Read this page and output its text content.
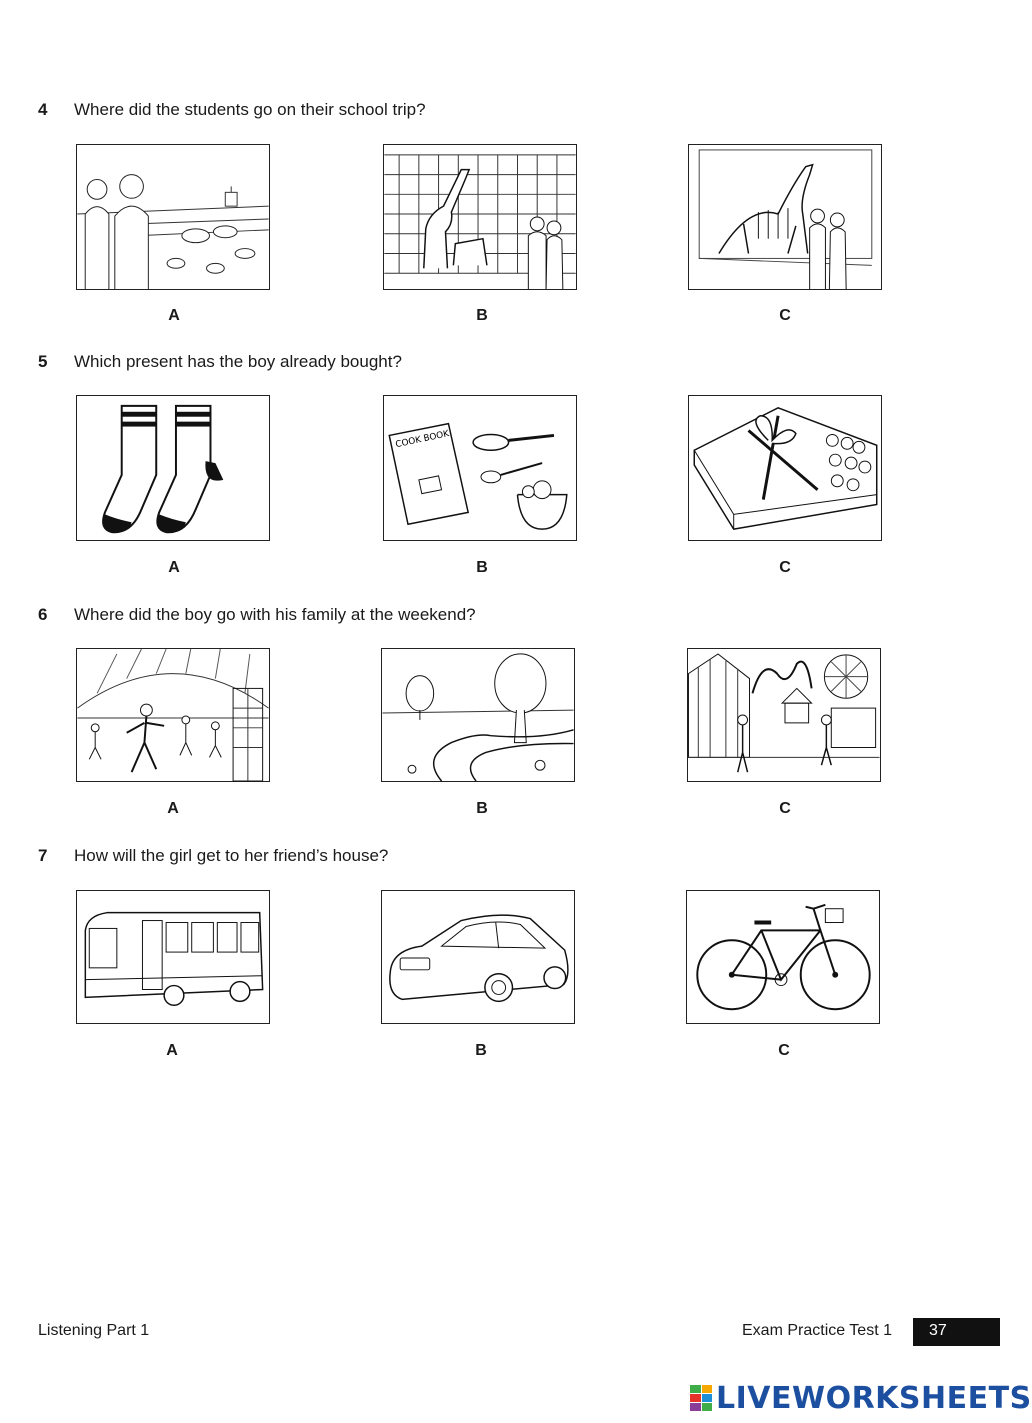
4 Where did the students go on their school trip?
A	B	C
5 Which present has the boy already bought?
COOK BOOK
A	B	C
6 Where did the boy go with his family at the weekend?
A	B	C
7 How will the girl get to her friend’s house?
A	B	C
Listening Part 1	Exam Practice Test 1	37
LIVEWORKSHEETS
